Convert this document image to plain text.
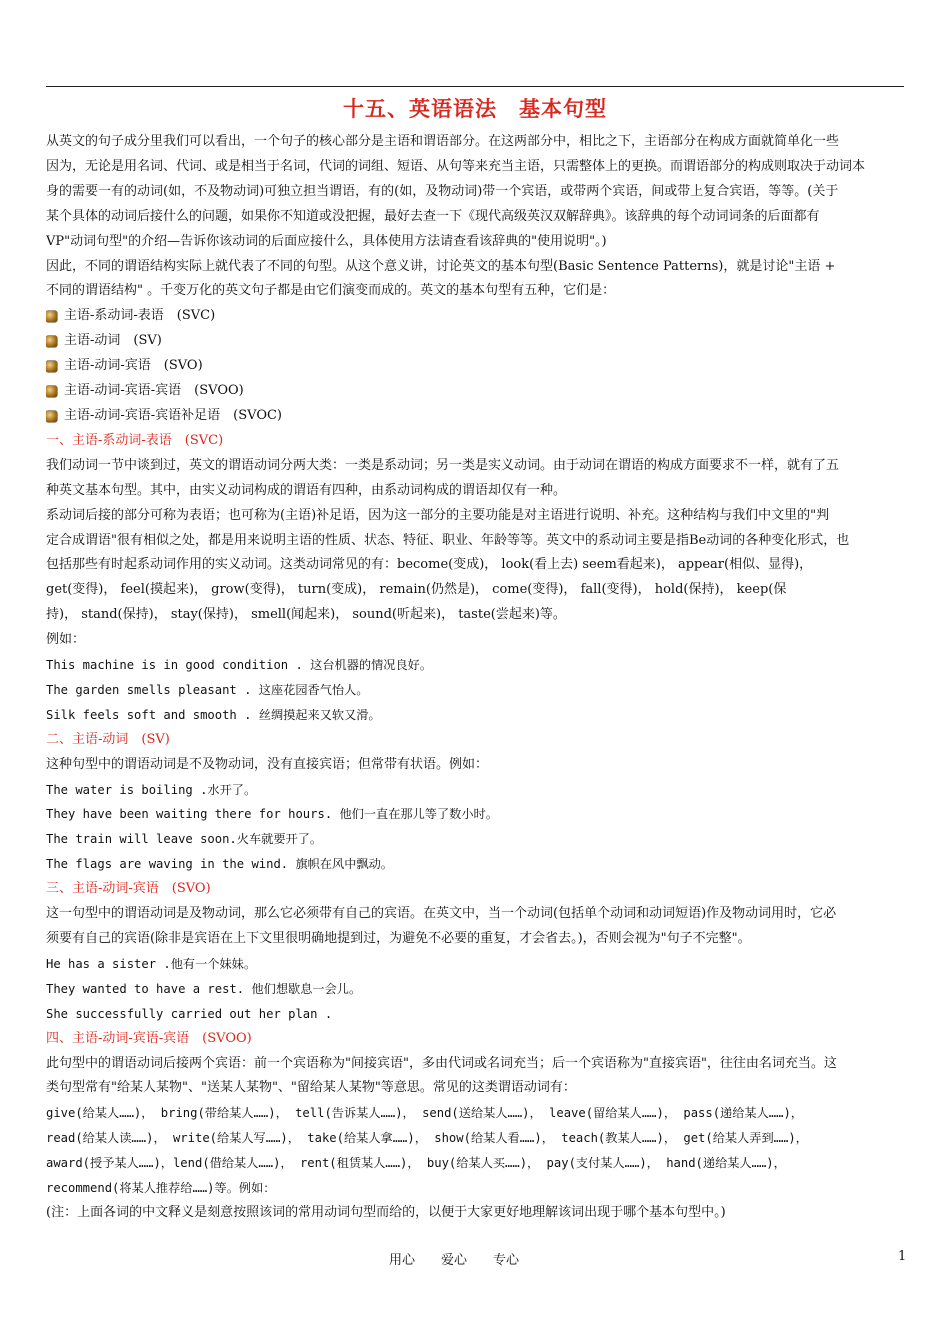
十五、英语语法　基本句型
从英文的句子成分里我们可以看出，一个句子的核心部分是主语和谓语部分。在这两部分中，相比之下，主语部分在构成方面就简单化一些
因为，无论是用名词、代词、或是相当于名词，代词的词组、短语、从句等来充当主语，只需整体上的更换。而谓语部分的构成则取决于动词本
身的需要一有的动词(如，不及物动词)可独立担当谓语，有的(如，及物动词)带一个宾语，或带两个宾语，间或带上复合宾语，等等。(关于
某个具体的动词后接什么的问题，如果你不知道或没把握，最好去查一下《现代高级英汉双解辞典》。该辞典的每个动词词条的后面都有
VP"动词句型"的介绍—告诉你该动词的后面应接什么，具体使用方法请查看该辞典的"使用说明"。)
因此，不同的谓语结构实际上就代表了不同的句型。从这个意义讲，讨论英文的基本句型(Basic Sentence Patterns)，就是讨论"主语 +
不同的谓语结构" 。千变万化的英文句子都是由它们演变而成的。英文的基本句型有五种，它们是：
主语-系动词-表语　(SVC)
主语-动词　(SV)
主语-动词-宾语　(SVO)
主语-动词-宾语-宾语　(SVOO)
主语-动词-宾语-宾语补足语　(SVOC)
一、主语-系动词-表语　(SVC)
我们动词一节中谈到过，英文的谓语动词分两大类：一类是系动词；另一类是实义动词。由于动词在谓语的构成方面要求不一样，就有了五
种英文基本句型。其中，由实义动词构成的谓语有四种，由系动词构成的谓语却仅有一种。
系动词后接的部分可称为表语；也可称为(主语)补足语，因为这一部分的主要功能是对主语进行说明、补充。这种结构与我们中文里的"判
定合成谓语"很有相似之处，都是用来说明主语的性质、状态、特征、职业、年龄等等。英文中的系动词主要是指Be动词的各种变化形式，也
包括那些有时起系动词作用的实义动词。这类动词常见的有：become(变成)， look(看上去) seem看起来)， appear(相似、显得)，
get(变得)， feel(摸起来)， grow(变得)， turn(变成)， remain(仍然是)， come(变得)， fall(变得)， hold(保持)， keep(保
持)， stand(保持)， stay(保持)， smell(闻起来)， sound(听起来)， taste(尝起来)等。
例如：
This machine is in good condition . 这台机器的情况良好。
The garden smells pleasant . 这座花园香气怡人。
Silk feels soft and smooth . 丝绸摸起来又软又滑。
二、主语-动词　(SV)
这种句型中的谓语动词是不及物动词，没有直接宾语；但常带有状语。例如：
The water is boiling .水开了。
They have been waiting there for hours. 他们一直在那儿等了数小时。
The train will leave soon.火车就要开了。
The flags are waving in the wind. 旗帜在风中飘动。
三、主语-动词-宾语　(SVO)
这一句型中的谓语动词是及物动词，那么它必须带有自己的宾语。在英文中，当一个动词(包括单个动词和动词短语)作及物动词用时，它必
须要有自己的宾语(除非是宾语在上下文里很明确地提到过，为避免不必要的重复，才会省去。)，否则会视为"句子不完整"。
He has a sister .他有一个妹妹。
They wanted to have a rest. 他们想歇息一会儿。
She successfully carried out her plan .
四、主语-动词-宾语-宾语　(SVOO)
此句型中的谓语动词后接两个宾语：前一个宾语称为"间接宾语"，多由代词或名词充当；后一个宾语称为"直接宾语"，往往由名词充当。这
类句型常有"给某人某物"、"送某人某物"、"留给某人某物"等意思。常见的这类谓语动词有：
give(给某人……)， bring(带给某人……)， tell(告诉某人……)， send(送给某人……)， leave(留给某人……)， pass(递给某人……)，
read(给某人读……)， write(给某人写……)， take(给某人拿……)， show(给某人看……)， teach(教某人……)， get(给某人弄到……)，
award(授予某人……)，lend(借给某人……)， rent(租赁某人……)， buy(给某人买……)， pay(支付某人……)， hand(递给某人……)，
recommend(将某人推荐给……)等。例如：
(注：上面各词的中文释义是刻意按照该词的常用动词句型而给的，以便于大家更好地理解该词出现于哪个基本句型中。)
用心　　爱心　　专心	1
